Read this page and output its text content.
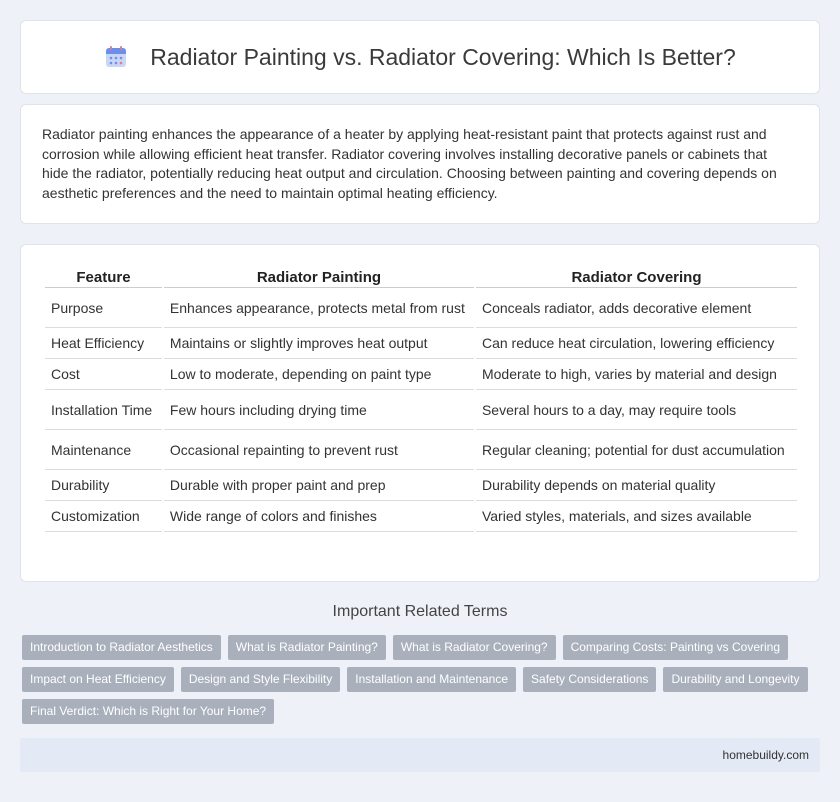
Radiator Painting vs. Radiator Covering: Which Is Better?

Radiator painting enhances the appearance of a heater by applying heat-resistant paint that protects against rust and corrosion while allowing efficient heat transfer. Radiator covering involves installing decorative panels or cabinets that hide the radiator, potentially reducing heat output and circulation. Choosing between painting and covering depends on aesthetic preferences and the need to maintain optimal heating efficiency.

Feature	Radiator Painting	Radiator Covering
Purpose	Enhances appearance, protects metal from rust	Conceals radiator, adds decorative element
Heat Efficiency	Maintains or slightly improves heat output	Can reduce heat circulation, lowering efficiency
Cost	Low to moderate, depending on paint type	Moderate to high, varies by material and design
Installation Time	Few hours including drying time	Several hours to a day, may require tools
Maintenance	Occasional repainting to prevent rust	Regular cleaning; potential for dust accumulation
Durability	Durable with proper paint and prep	Durability depends on material quality
Customization	Wide range of colors and finishes	Varied styles, materials, and sizes available
Important Related Terms
Introduction to Radiator Aesthetics	What is Radiator Painting?	What is Radiator Covering?	Comparing Costs: Painting vs Covering
Impact on Heat Efficiency	Design and Style Flexibility	Installation and Maintenance	Safety Considerations	Durability and Longevity
Final Verdict: Which is Right for Your Home?
homebuildy.com
